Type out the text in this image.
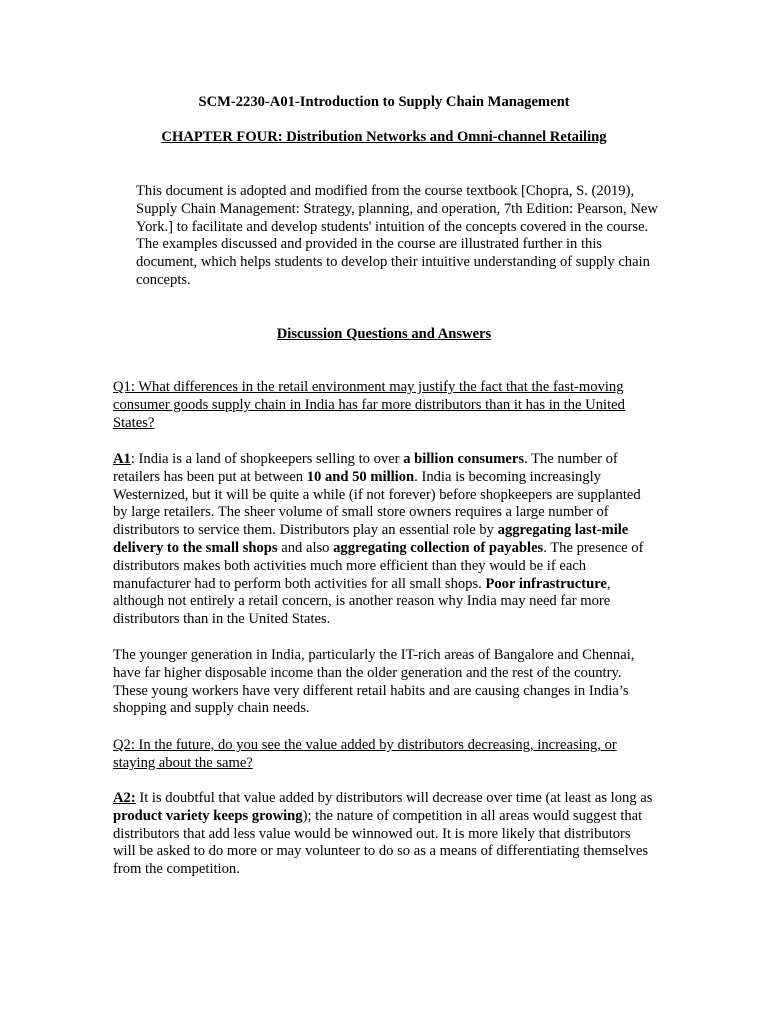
SCM-2230-A01-Introduction to Supply Chain Management

CHAPTER FOUR: Distribution Networks and Omni-channel Retailing

This document is adopted and modified from the course textbook [Chopra, S. (2019), Supply Chain Management: Strategy, planning, and operation, 7th Edition: Pearson, New York.] to facilitate and develop students' intuition of the concepts covered in the course. The examples discussed and provided in the course are illustrated further in this document, which helps students to develop their intuitive understanding of supply chain concepts.

Discussion Questions and Answers

Q1: What differences in the retail environment may justify the fact that the fast-moving consumer goods supply chain in India has far more distributors than it has in the United States?

A1: India is a land of shopkeepers selling to over a billion consumers. The number of retailers has been put at between 10 and 50 million. India is becoming increasingly Westernized, but it will be quite a while (if not forever) before shopkeepers are supplanted by large retailers. The sheer volume of small store owners requires a large number of distributors to service them. Distributors play an essential role by aggregating last-mile delivery to the small shops and also aggregating collection of payables. The presence of distributors makes both activities much more efficient than they would be if each manufacturer had to perform both activities for all small shops. Poor infrastructure, although not entirely a retail concern, is another reason why India may need far more distributors than in the United States.

The younger generation in India, particularly the IT-rich areas of Bangalore and Chennai, have far higher disposable income than the older generation and the rest of the country. These young workers have very different retail habits and are causing changes in India’s shopping and supply chain needs.

Q2: In the future, do you see the value added by distributors decreasing, increasing, or staying about the same?

A2: It is doubtful that value added by distributors will decrease over time (at least as long as product variety keeps growing); the nature of competition in all areas would suggest that distributors that add less value would be winnowed out. It is more likely that distributors will be asked to do more or may volunteer to do so as a means of differentiating themselves from the competition.
